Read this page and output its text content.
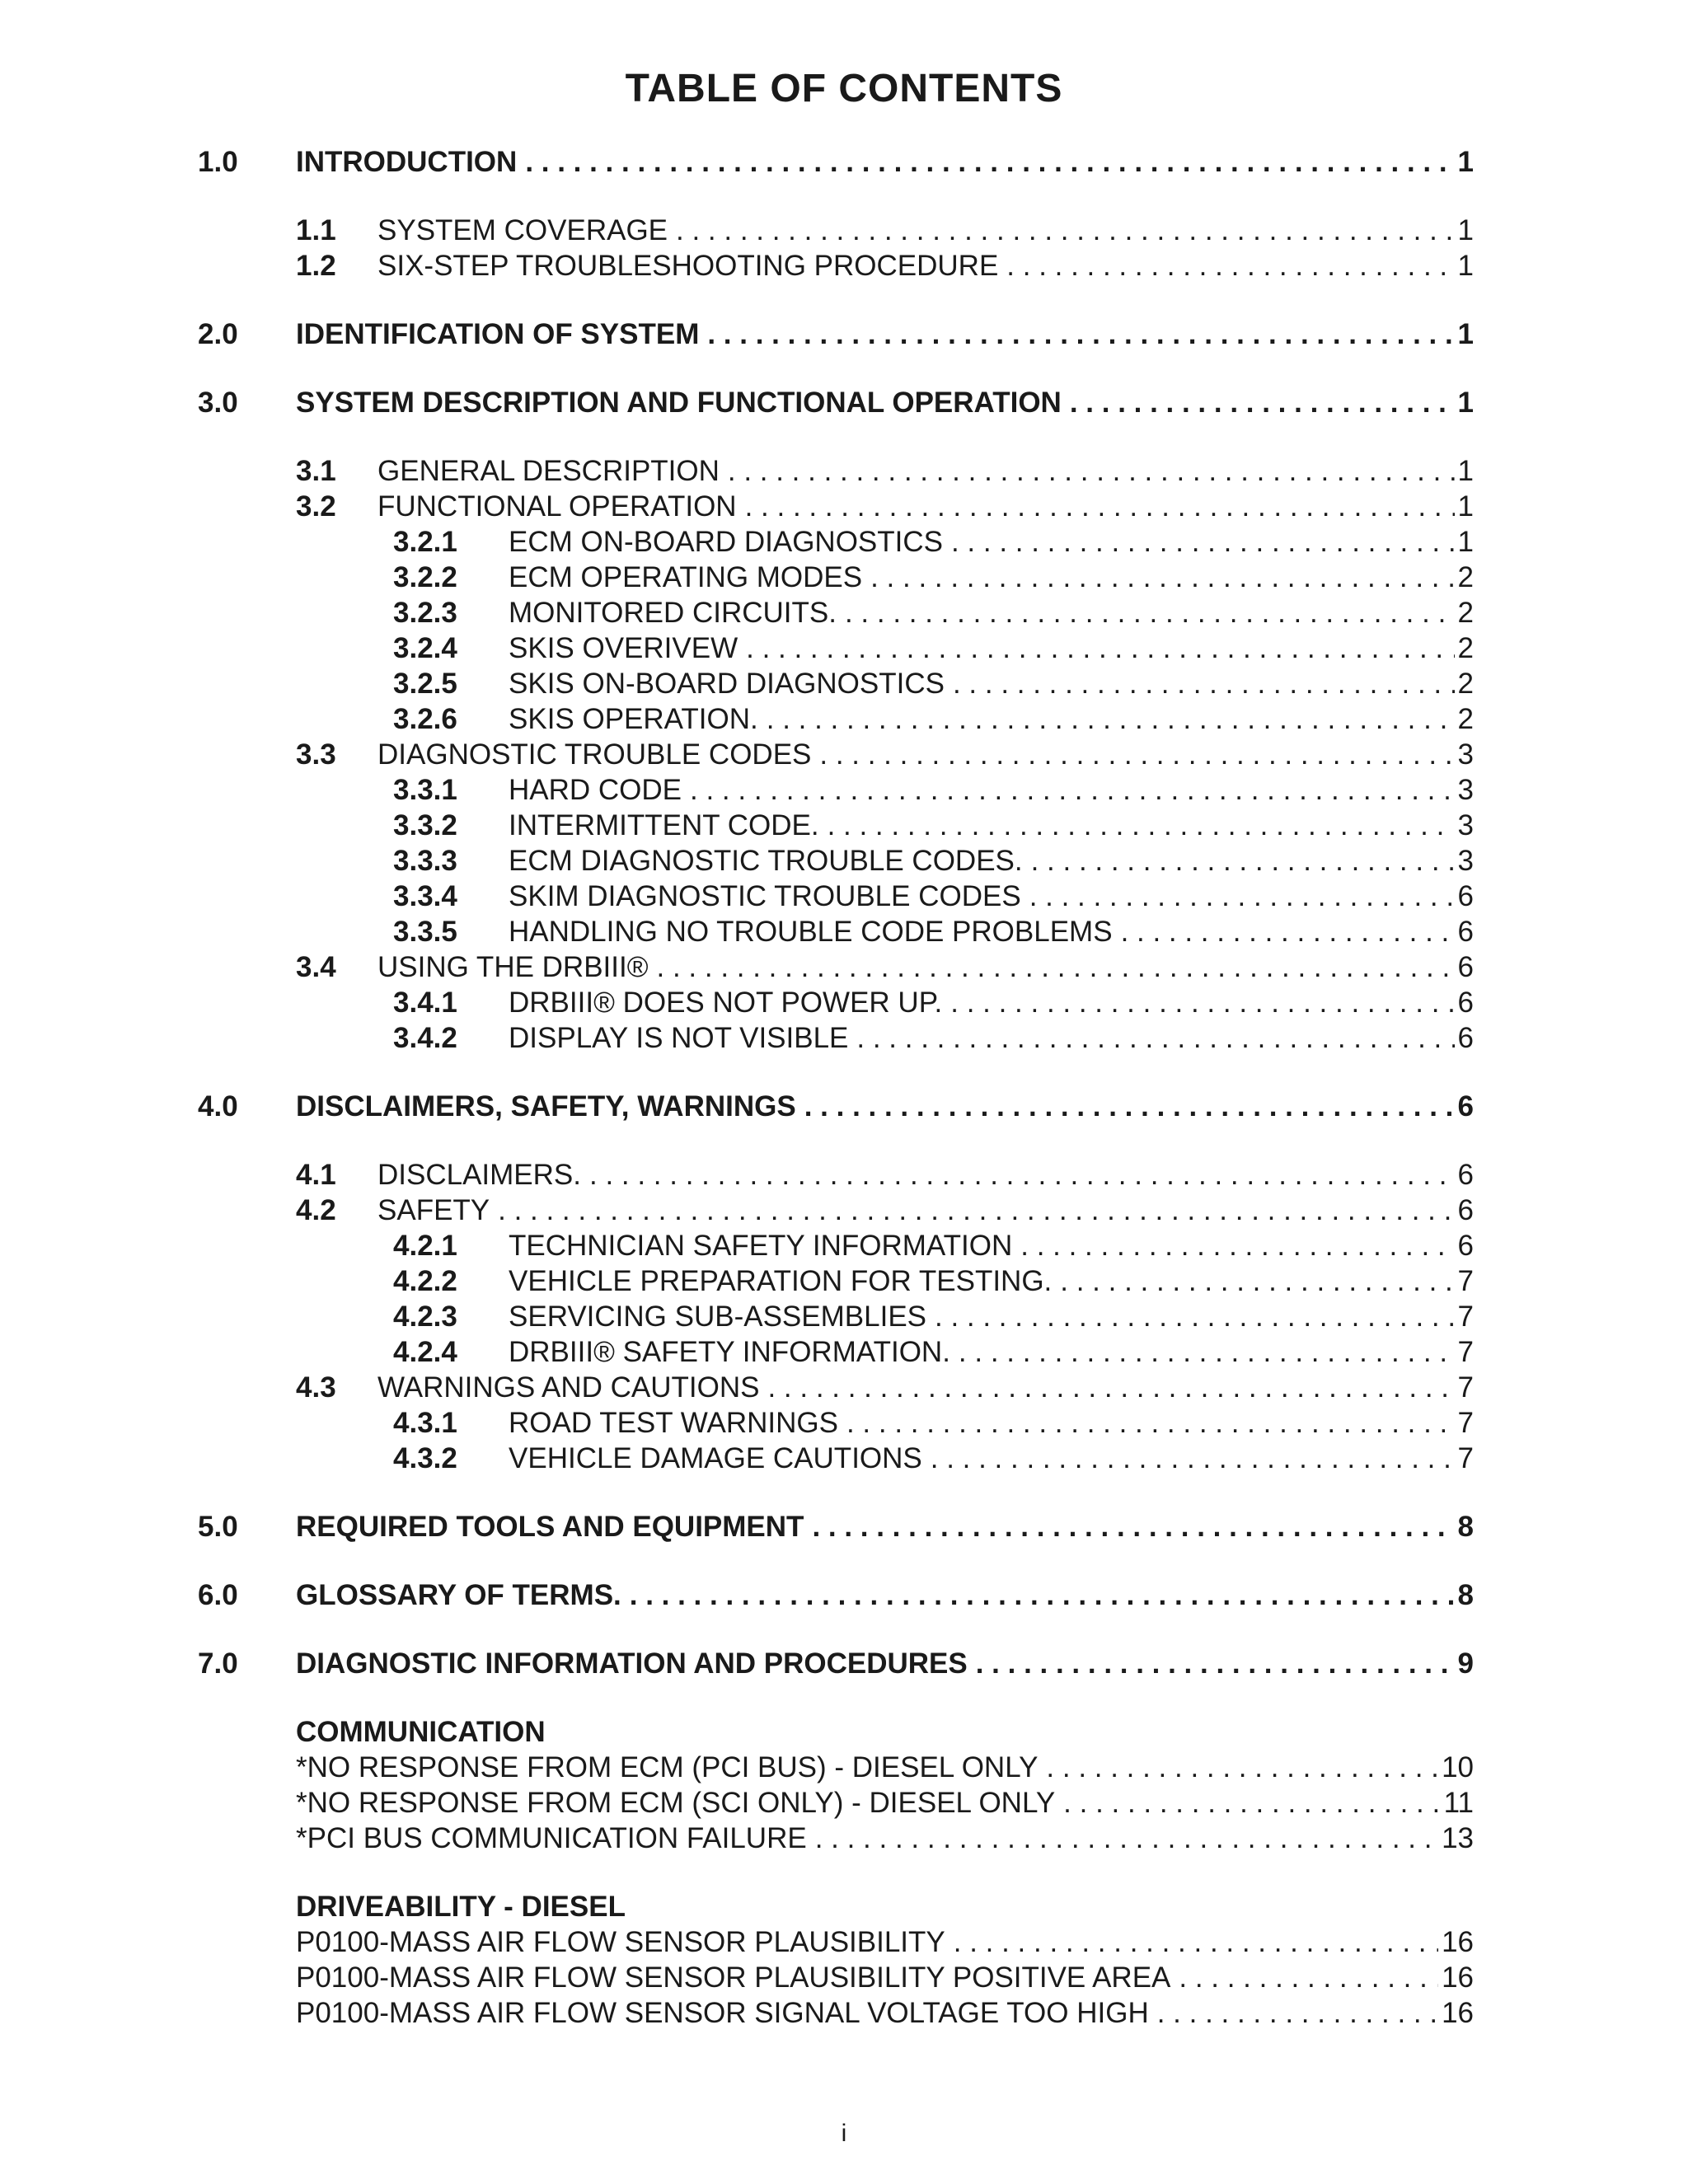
TABLE OF CONTENTS
1.0 INTRODUCTION . . .	1
1.1 SYSTEM COVERAGE . . .	1
1.2 SIX-STEP TROUBLESHOOTING PROCEDURE . . .	1
2.0 IDENTIFICATION OF SYSTEM . . .	1
3.0 SYSTEM DESCRIPTION AND FUNCTIONAL OPERATION . . .	1
3.1 GENERAL DESCRIPTION . . .	1
3.2 FUNCTIONAL OPERATION . . .	1
3.2.1 ECM ON-BOARD DIAGNOSTICS . . .	1
3.2.2 ECM OPERATING MODES . . .	2
3.2.3 MONITORED CIRCUITS. . . .	2
3.2.4 SKIS OVERIVEW . . .	2
3.2.5 SKIS ON-BOARD DIAGNOSTICS . . .	2
3.2.6 SKIS OPERATION. . . .	2
3.3 DIAGNOSTIC TROUBLE CODES . . .	3
3.3.1 HARD CODE . . .	3
3.3.2 INTERMITTENT CODE. . . .	3
3.3.3 ECM DIAGNOSTIC TROUBLE CODES. . . .	3
3.3.4 SKIM DIAGNOSTIC TROUBLE CODES . . .	6
3.3.5 HANDLING NO TROUBLE CODE PROBLEMS . . .	6
3.4 USING THE DRBIII® . . .	6
3.4.1 DRBIII® DOES NOT POWER UP. . . .	6
3.4.2 DISPLAY IS NOT VISIBLE . . .	6
4.0 DISCLAIMERS, SAFETY, WARNINGS . . .	6
4.1 DISCLAIMERS. . . .	6
4.2 SAFETY . . .	6
4.2.1 TECHNICIAN SAFETY INFORMATION . . .	6
4.2.2 VEHICLE PREPARATION FOR TESTING. . . .	7
4.2.3 SERVICING SUB-ASSEMBLIES . . .	7
4.2.4 DRBIII® SAFETY INFORMATION. . . .	7
4.3 WARNINGS AND CAUTIONS . . .	7
4.3.1 ROAD TEST WARNINGS . . .	7
4.3.2 VEHICLE DAMAGE CAUTIONS . . .	7
5.0 REQUIRED TOOLS AND EQUIPMENT . . .	8
6.0 GLOSSARY OF TERMS. . . .	8
7.0 DIAGNOSTIC INFORMATION AND PROCEDURES . . .	9
COMMUNICATION
*NO RESPONSE FROM ECM (PCI BUS) - DIESEL ONLY . . .	10
*NO RESPONSE FROM ECM (SCI ONLY) - DIESEL ONLY . . .	11
*PCI BUS COMMUNICATION FAILURE . . .	13
DRIVEABILITY - DIESEL
P0100-MASS AIR FLOW SENSOR PLAUSIBILITY . . .	16
P0100-MASS AIR FLOW SENSOR PLAUSIBILITY POSITIVE AREA . . .	16
P0100-MASS AIR FLOW SENSOR SIGNAL VOLTAGE TOO HIGH . . .	16
i
